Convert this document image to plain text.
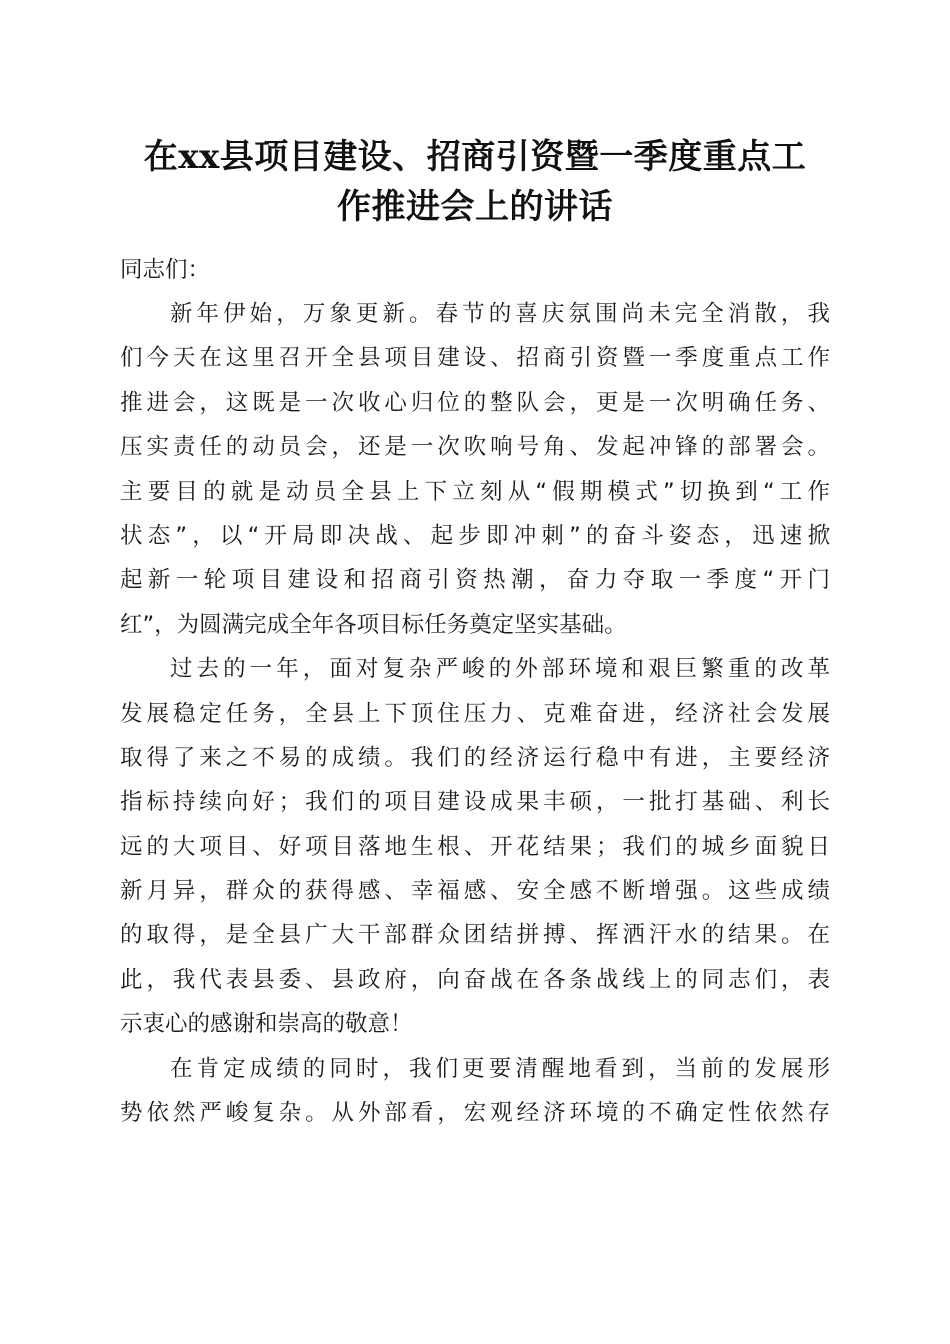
在xx县项目建设、招商引资暨一季度重点工
作推进会上的讲话

同志们：

新年伊始，万象更新。春节的喜庆氛围尚未完全消散，我
们今天在这里召开全县项目建设、招商引资暨一季度重点工作
推进会，这既是一次收心归位的整队会，更是一次明确任务、
压实责任的动员会，还是一次吹响号角、发起冲锋的部署会。
主要目的就是动员全县上下立刻从“假期模式”切换到“工作
状态”，以“开局即决战、起步即冲刺”的奋斗姿态，迅速掀
起新一轮项目建设和招商引资热潮，奋力夺取一季度“开门
红”，为圆满完成全年各项目标任务奠定坚实基础。

过去的一年，面对复杂严峻的外部环境和艰巨繁重的改革
发展稳定任务，全县上下顶住压力、克难奋进，经济社会发展
取得了来之不易的成绩。我们的经济运行稳中有进，主要经济
指标持续向好；我们的项目建设成果丰硕，一批打基础、利长
远的大项目、好项目落地生根、开花结果；我们的城乡面貌日
新月异，群众的获得感、幸福感、安全感不断增强。这些成绩
的取得，是全县广大干部群众团结拼搏、挥洒汗水的结果。在
此，我代表县委、县政府，向奋战在各条战线上的同志们，表
示衷心的感谢和崇高的敬意！

在肯定成绩的同时，我们更要清醒地看到，当前的发展形
势依然严峻复杂。从外部看，宏观经济环境的不确定性依然存
